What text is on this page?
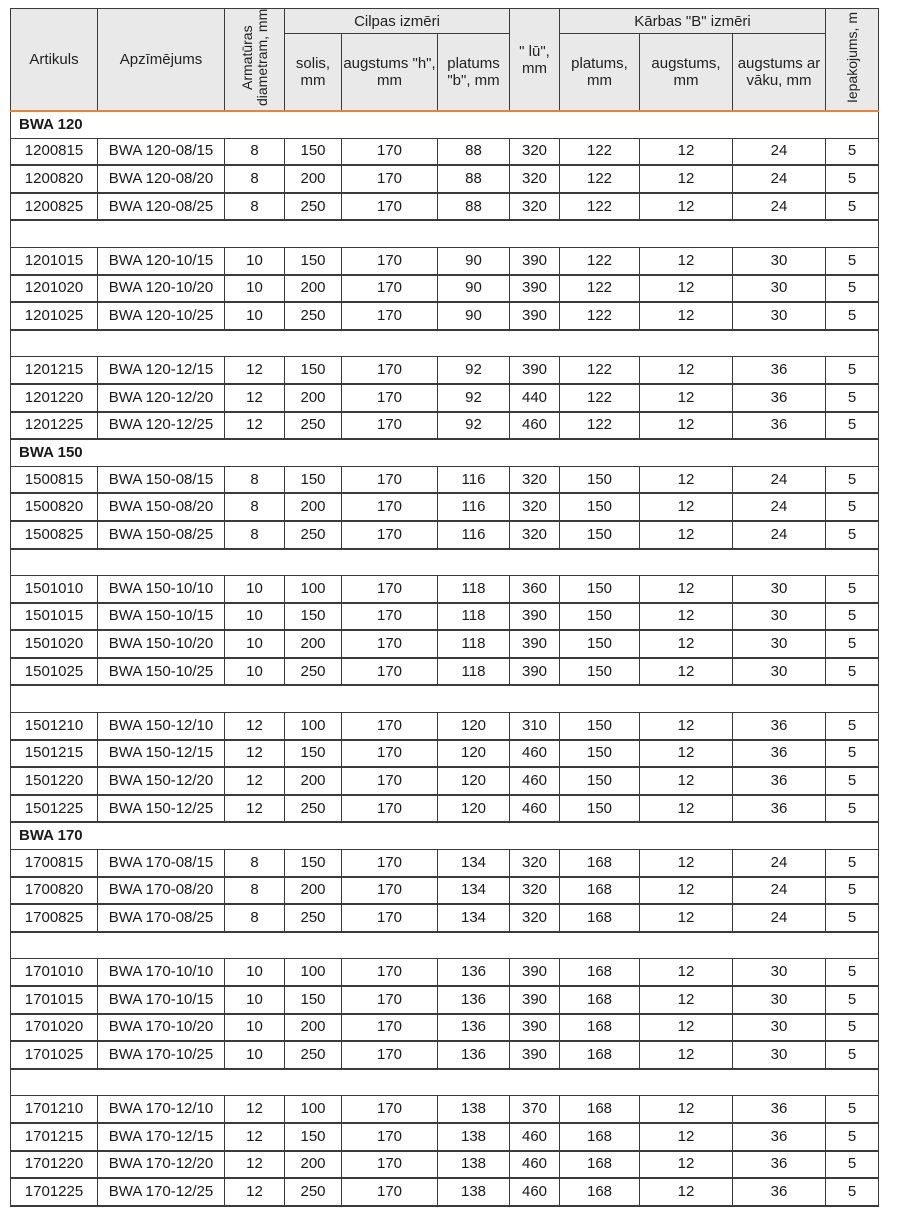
Artikuls	Apzīmējums	Armatūras diametram, mm	Cilpas izmēri			" lū", mm	Kārbas "B" izmēri			Iepakojums, m
			solis, mm	augstums "h", mm	platums "b", mm		platums, mm	augstums, mm	augstums ar vāku, mm	
BWA 120										
1200815	BWA 120-08/15	8	150	170	88	320	122	12	24	5
1200820	BWA 120-08/20	8	200	170	88	320	122	12	24	5
1200825	BWA 120-08/25	8	250	170	88	320	122	12	24	5

1201015	BWA 120-10/15	10	150	170	90	390	122	12	30	5
1201020	BWA 120-10/20	10	200	170	90	390	122	12	30	5
1201025	BWA 120-10/25	10	250	170	90	390	122	12	30	5

1201215	BWA 120-12/15	12	150	170	92	390	122	12	36	5
1201220	BWA 120-12/20	12	200	170	92	440	122	12	36	5
1201225	BWA 120-12/25	12	250	170	92	460	122	12	36	5
BWA 150										
1500815	BWA 150-08/15	8	150	170	116	320	150	12	24	5
1500820	BWA 150-08/20	8	200	170	116	320	150	12	24	5
1500825	BWA 150-08/25	8	250	170	116	320	150	12	24	5

1501010	BWA 150-10/10	10	100	170	118	360	150	12	30	5
1501015	BWA 150-10/15	10	150	170	118	390	150	12	30	5
1501020	BWA 150-10/20	10	200	170	118	390	150	12	30	5
1501025	BWA 150-10/25	10	250	170	118	390	150	12	30	5

1501210	BWA 150-12/10	12	100	170	120	310	150	12	36	5
1501215	BWA 150-12/15	12	150	170	120	460	150	12	36	5
1501220	BWA 150-12/20	12	200	170	120	460	150	12	36	5
1501225	BWA 150-12/25	12	250	170	120	460	150	12	36	5
BWA 170										
1700815	BWA 170-08/15	8	150	170	134	320	168	12	24	5
1700820	BWA 170-08/20	8	200	170	134	320	168	12	24	5
1700825	BWA 170-08/25	8	250	170	134	320	168	12	24	5

1701010	BWA 170-10/10	10	100	170	136	390	168	12	30	5
1701015	BWA 170-10/15	10	150	170	136	390	168	12	30	5
1701020	BWA 170-10/20	10	200	170	136	390	168	12	30	5
1701025	BWA 170-10/25	10	250	170	136	390	168	12	30	5

1701210	BWA 170-12/10	12	100	170	138	370	168	12	36	5
1701215	BWA 170-12/15	12	150	170	138	460	168	12	36	5
1701220	BWA 170-12/20	12	200	170	138	460	168	12	36	5
1701225	BWA 170-12/25	12	250	170	138	460	168	12	36	5
